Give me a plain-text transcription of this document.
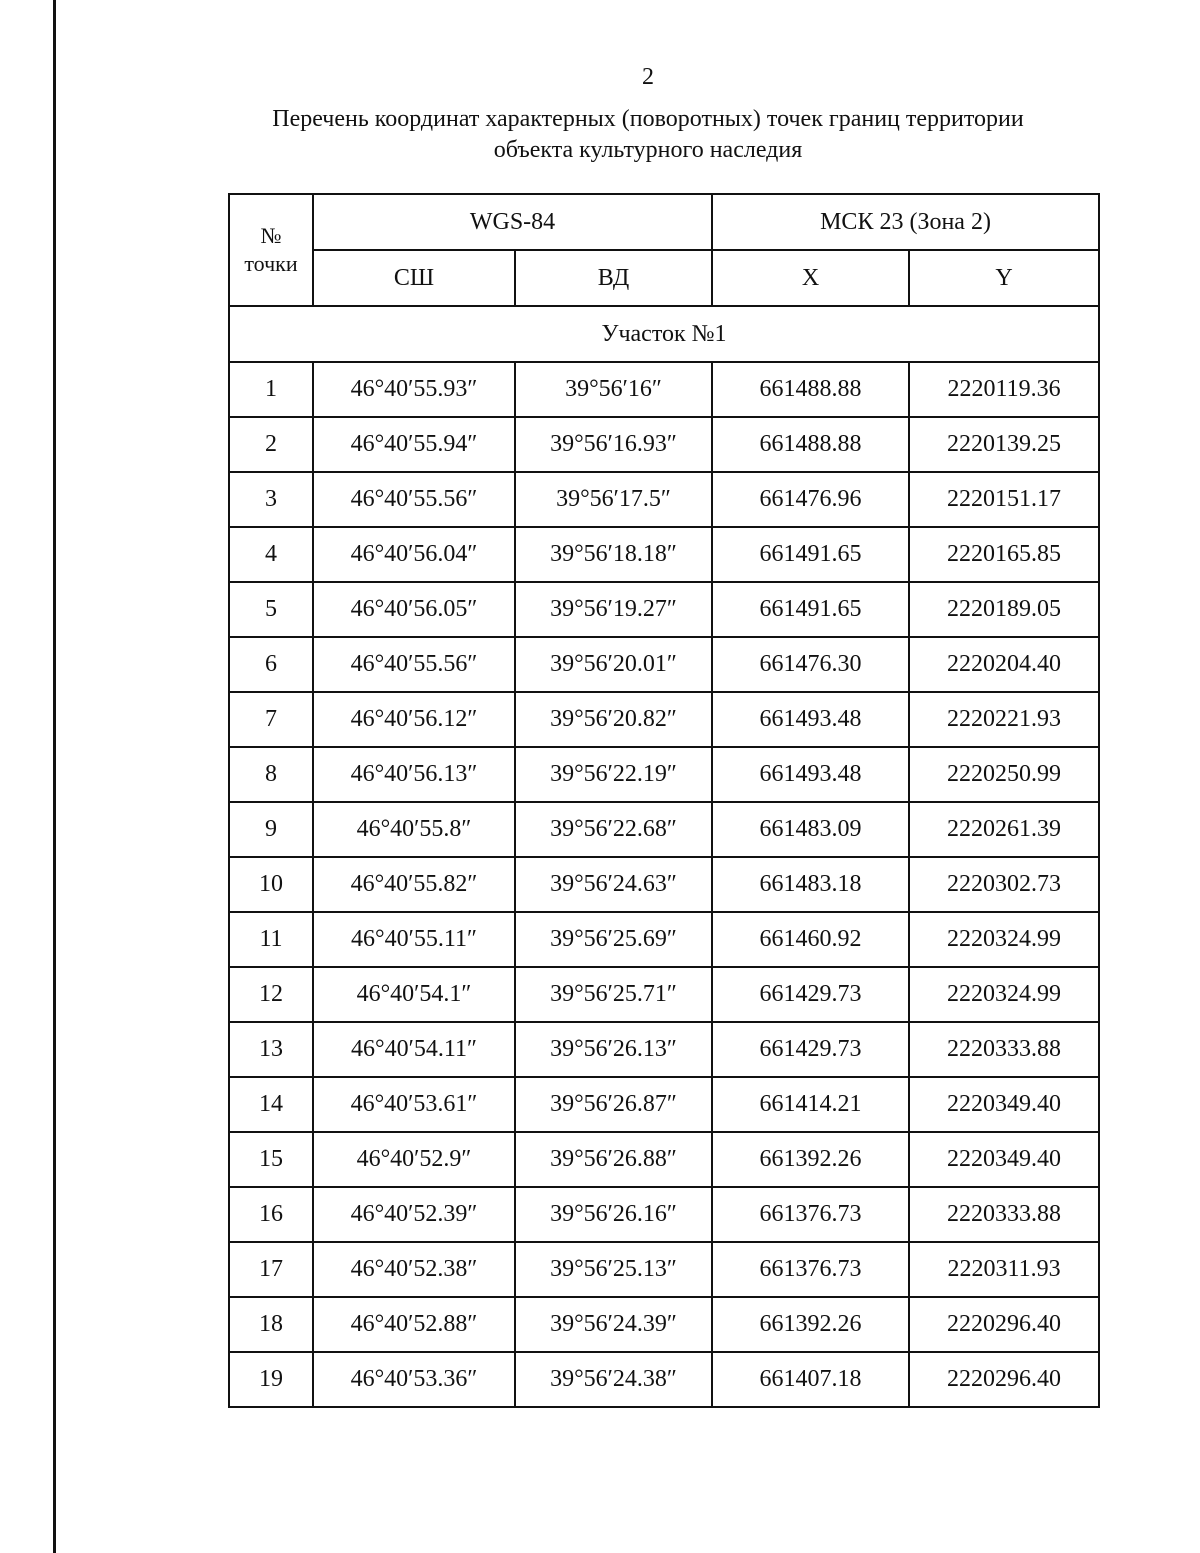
2
Перечень координат характерных (поворотных) точек границ территории
объекта культурного наследия
№
точки	WGS-84		МСК 23 (Зона 2)	
	СШ	ВД	X	Y
Участок №1				
1	46°40′55.93″	39°56′16″	661488.88	2220119.36
2	46°40′55.94″	39°56′16.93″	661488.88	2220139.25
3	46°40′55.56″	39°56′17.5″	661476.96	2220151.17
4	46°40′56.04″	39°56′18.18″	661491.65	2220165.85
5	46°40′56.05″	39°56′19.27″	661491.65	2220189.05
6	46°40′55.56″	39°56′20.01″	661476.30	2220204.40
7	46°40′56.12″	39°56′20.82″	661493.48	2220221.93
8	46°40′56.13″	39°56′22.19″	661493.48	2220250.99
9	46°40′55.8″	39°56′22.68″	661483.09	2220261.39
10	46°40′55.82″	39°56′24.63″	661483.18	2220302.73
11	46°40′55.11″	39°56′25.69″	661460.92	2220324.99
12	46°40′54.1″	39°56′25.71″	661429.73	2220324.99
13	46°40′54.11″	39°56′26.13″	661429.73	2220333.88
14	46°40′53.61″	39°56′26.87″	661414.21	2220349.40
15	46°40′52.9″	39°56′26.88″	661392.26	2220349.40
16	46°40′52.39″	39°56′26.16″	661376.73	2220333.88
17	46°40′52.38″	39°56′25.13″	661376.73	2220311.93
18	46°40′52.88″	39°56′24.39″	661392.26	2220296.40
19	46°40′53.36″	39°56′24.38″	661407.18	2220296.40
